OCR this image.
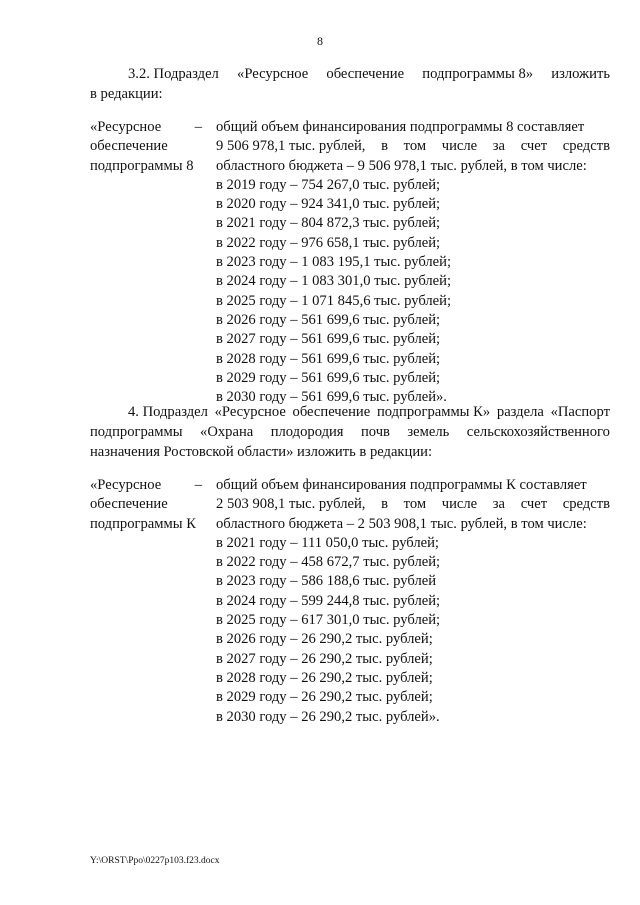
8
3.2. Подраздел «Ресурсное обеспечение подпрограммы 8» изложить
в редакции:
«Ресурсное –
обеспечение
подпрограммы 8
общий объем финансирования подпрограммы 8 составляет
9 506 978,1 тыс. рублей, в том числе за счет средств
областного бюджета – 9 506 978,1 тыс. рублей, в том числе:
в 2019 году – 754 267,0 тыс. рублей;
в 2020 году – 924 341,0 тыс. рублей;
в 2021 году – 804 872,3 тыс. рублей;
в 2022 году – 976 658,1 тыс. рублей;
в 2023 году – 1 083 195,1 тыс. рублей;
в 2024 году – 1 083 301,0 тыс. рублей;
в 2025 году – 1 071 845,6 тыс. рублей;
в 2026 году – 561 699,6 тыс. рублей;
в 2027 году – 561 699,6 тыс. рублей;
в 2028 году – 561 699,6 тыс. рублей;
в 2029 году – 561 699,6 тыс. рублей;
в 2030 году – 561 699,6 тыс. рублей».
4. Подраздел «Ресурсное обеспечение подпрограммы К» раздела «Паспорт
подпрограммы «Охрана плодородия почв земель сельскохозяйственного
назначения Ростовской области» изложить в редакции:
«Ресурсное –
обеспечение
подпрограммы К
общий объем финансирования подпрограммы К составляет
2 503 908,1 тыс. рублей, в том числе за счет средств
областного бюджета – 2 503 908,1 тыс. рублей, в том числе:
в 2021 году – 111 050,0 тыс. рублей;
в 2022 году – 458 672,7 тыс. рублей;
в 2023 году – 586 188,6 тыс. рублей
в 2024 году – 599 244,8 тыс. рублей;
в 2025 году – 617 301,0 тыс. рублей;
в 2026 году – 26 290,2 тыс. рублей;
в 2027 году – 26 290,2 тыс. рублей;
в 2028 году – 26 290,2 тыс. рублей;
в 2029 году – 26 290,2 тыс. рублей;
в 2030 году – 26 290,2 тыс. рублей».
Y:\ORST\Ppo\0227p103.f23.docx
